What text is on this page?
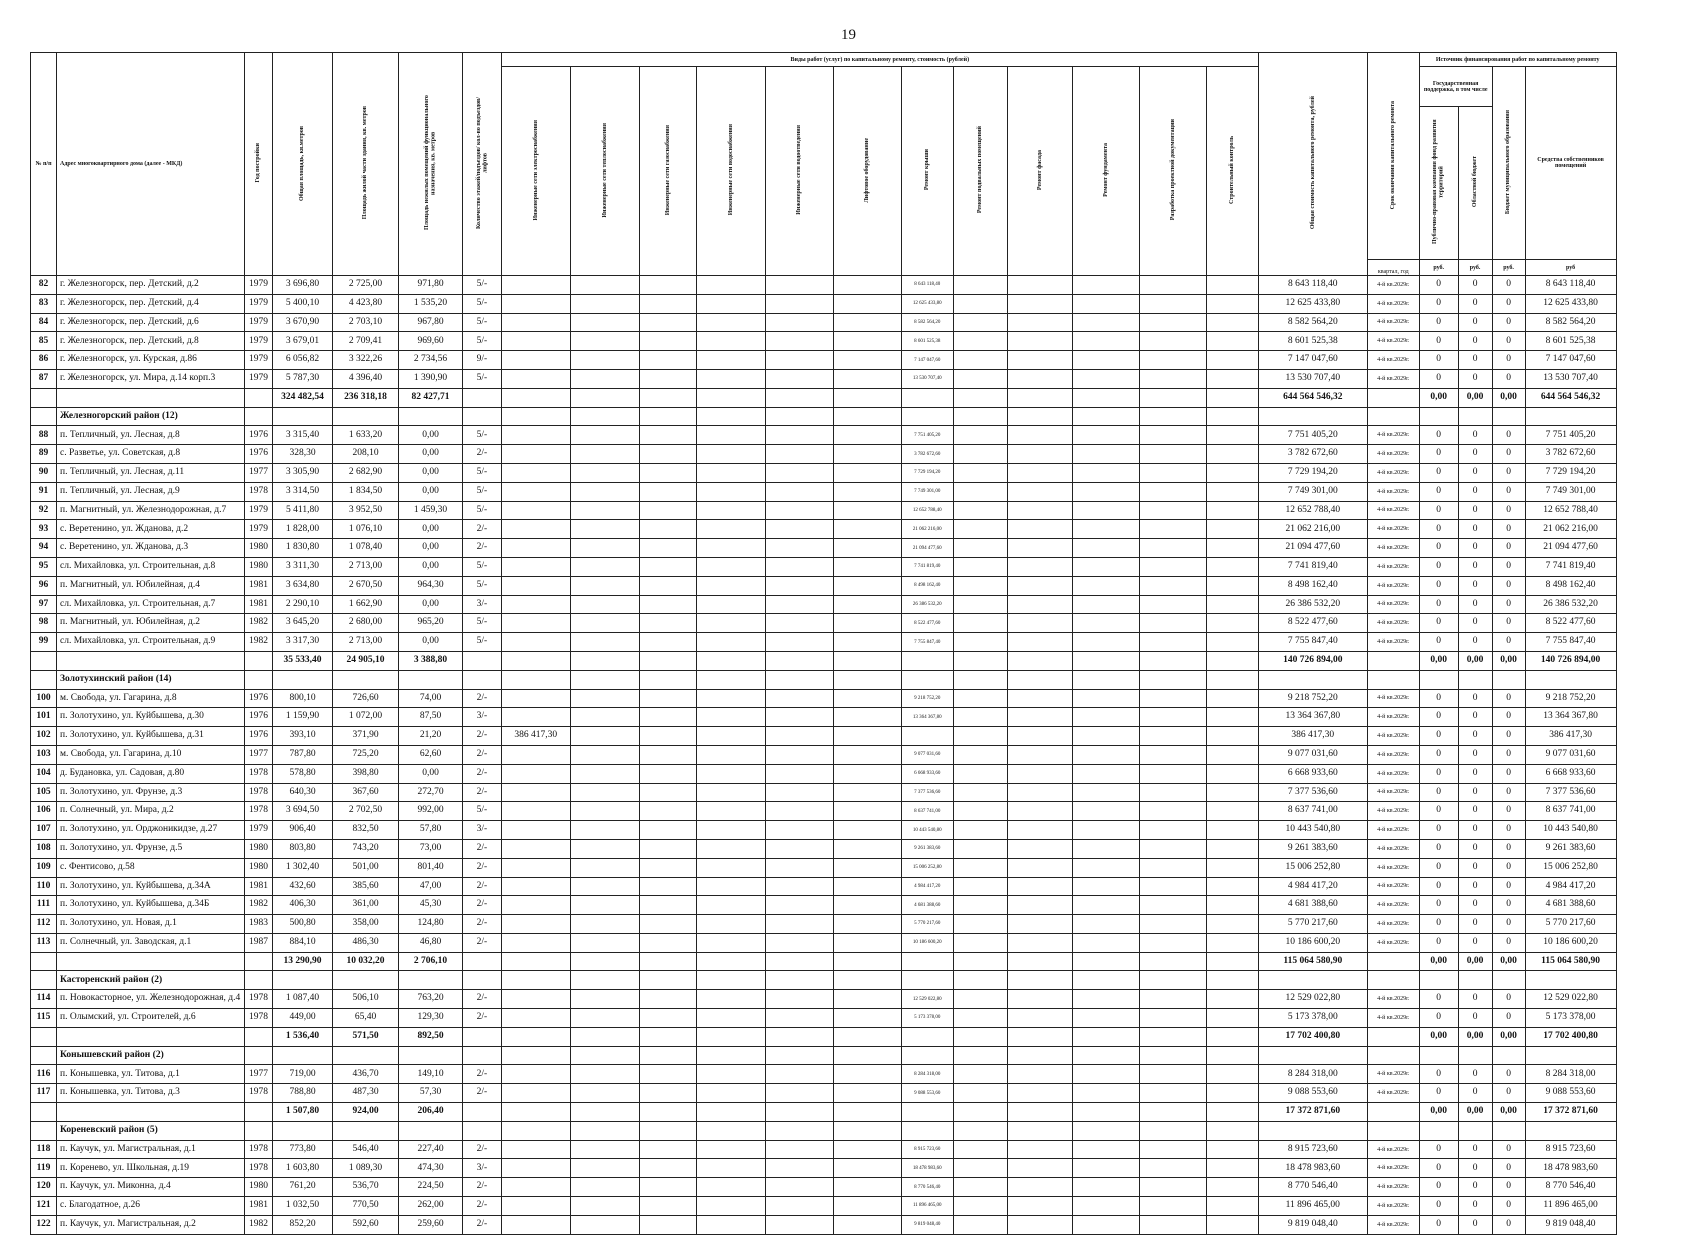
19
№ п/п	Адрес многоквартирного дома (далее - МКД)	Год постройки	Общая площадь, кв.метров	Площадь жилой части здания, кв. метров	Площадь нежилых помещений функционального назначения, кв. метров	Количество этажей/подъездов/ кол-во подъездов/лифтов	Виды работ (услуг) по капитальному ремонту, стоимость (рублей)												Общая стоимость капитального ремонта, рублей	Срок окончания капитального ремонта	Источник финансирования работ по капитальному ремонту			
							Инженерные сети электроснабжения	Инженерные сети теплоснабжения	Инженерные сети газоснабжения	Инженерные сети водоснабжения	Инженерные сети водоотведения	Лифтовое оборудование	Ремонт крыши	Ремонт подвальных помещений	Ремонт фасада	Ремонт фундамента	Разработка проектной документации	Строительный контроль			Государственная поддержка, в том числе		Бюджет муниципального образования	Средства собственников помещений
																					Публично-правовая компания фонд развития территорий	Областной бюджет		
																				квартал, год	руб.	руб.	руб.	руб
82	г. Железногорск, пер. Детский, д.2	1979	3 696,80	2 725,00	971,80	5/-							8 643 118,40						8 643 118,40	4-й кв.2029г.	0	0	0	8 643 118,40
83	г. Железногорск, пер. Детский, д.4	1979	5 400,10	4 423,80	1 535,20	5/-							12 625 433,80						12 625 433,80	4-й кв.2029г.	0	0	0	12 625 433,80
84	г. Железногорск, пер. Детский, д.6	1979	3 670,90	2 703,10	967,80	5/-							8 582 564,20						8 582 564,20	4-й кв.2029г.	0	0	0	8 582 564,20
85	г. Железногорск, пер. Детский, д.8	1979	3 679,01	2 709,41	969,60	5/-							8 601 525,38						8 601 525,38	4-й кв.2029г.	0	0	0	8 601 525,38
86	г. Железногорск, ул. Курская, д.86	1979	6 056,82	3 322,26	2 734,56	9/-							7 147 047,60						7 147 047,60	4-й кв.2029г.	0	0	0	7 147 047,60
87	г. Железногорск, ул. Мира, д.14 корп.3	1979	5 787,30	4 396,40	1 390,90	5/-							13 530 707,40						13 530 707,40	4-й кв.2029г.	0	0	0	13 530 707,40
			324 482,54	236 318,18	82 427,71														644 564 546,32		0,00	0,00	0,00	644 564 546,32
	Железногорский район (12)																							
88	п. Тепличный, ул. Лесная, д.8	1976	3 315,40	1 633,20	0,00	5/-							7 751 405,20						7 751 405,20	4-й кв.2029г.	0	0	0	7 751 405,20
89	с. Разветье, ул. Советская, д.8	1976	328,30	208,10	0,00	2/-							3 782 672,60						3 782 672,60	4-й кв.2029г.	0	0	0	3 782 672,60
90	п. Тепличный, ул. Лесная, д.11	1977	3 305,90	2 682,90	0,00	5/-							7 729 194,20						7 729 194,20	4-й кв.2029г.	0	0	0	7 729 194,20
91	п. Тепличный, ул. Лесная, д.9	1978	3 314,50	1 834,50	0,00	5/-							7 749 301,00						7 749 301,00	4-й кв.2029г.	0	0	0	7 749 301,00
92	п. Магнитный, ул. Железнодорожная, д.7	1979	5 411,80	3 952,50	1 459,30	5/-							12 652 788,40						12 652 788,40	4-й кв.2029г.	0	0	0	12 652 788,40
93	с. Веретенино, ул. Жданова, д.2	1979	1 828,00	1 076,10	0,00	2/-							21 062 216,00						21 062 216,00	4-й кв.2029г.	0	0	0	21 062 216,00
94	с. Веретенино, ул. Жданова, д.3	1980	1 830,80	1 078,40	0,00	2/-							21 094 477,60						21 094 477,60	4-й кв.2029г.	0	0	0	21 094 477,60
95	сл. Михайловка, ул. Строительная, д.8	1980	3 311,30	2 713,00	0,00	5/-							7 741 819,40						7 741 819,40	4-й кв.2029г.	0	0	0	7 741 819,40
96	п. Магнитный, ул. Юбилейная, д.4	1981	3 634,80	2 670,50	964,30	5/-							8 498 162,40						8 498 162,40	4-й кв.2029г.	0	0	0	8 498 162,40
97	сл. Михайловка, ул. Строительная, д.7	1981	2 290,10	1 662,90	0,00	3/-							26 386 532,20						26 386 532,20	4-й кв.2029г.	0	0	0	26 386 532,20
98	п. Магнитный, ул. Юбилейная, д.2	1982	3 645,20	2 680,00	965,20	5/-							8 522 477,60						8 522 477,60	4-й кв.2029г.	0	0	0	8 522 477,60
99	сл. Михайловка, ул. Строительная, д.9	1982	3 317,30	2 713,00	0,00	5/-							7 755 847,40						7 755 847,40	4-й кв.2029г.	0	0	0	7 755 847,40
			35 533,40	24 905,10	3 388,80														140 726 894,00		0,00	0,00	0,00	140 726 894,00
	Золотухинский район (14)																							
100	м. Свобода, ул. Гагарина, д.8	1976	800,10	726,60	74,00	2/-							9 218 752,20						9 218 752,20	4-й кв.2029г.	0	0	0	9 218 752,20
101	п. Золотухино, ул. Куйбышева, д.30	1976	1 159,90	1 072,00	87,50	3/-							13 364 367,80						13 364 367,80	4-й кв.2029г.	0	0	0	13 364 367,80
102	п. Золотухино, ул. Куйбышева, д.31	1976	393,10	371,90	21,20	2/-	386 417,30												386 417,30	4-й кв.2029г.	0	0	0	386 417,30
103	м. Свобода, ул. Гагарина, д.10	1977	787,80	725,20	62,60	2/-							9 077 031,60						9 077 031,60	4-й кв.2029г.	0	0	0	9 077 031,60
104	д. Будановка, ул. Садовая, д.80	1978	578,80	398,80	0,00	2/-							6 668 933,60						6 668 933,60	4-й кв.2029г.	0	0	0	6 668 933,60
105	п. Золотухино, ул. Фрунзе, д.3	1978	640,30	367,60	272,70	2/-							7 377 536,60						7 377 536,60	4-й кв.2029г.	0	0	0	7 377 536,60
106	п. Солнечный, ул. Мира, д.2	1978	3 694,50	2 702,50	992,00	5/-							8 637 741,00						8 637 741,00	4-й кв.2029г.	0	0	0	8 637 741,00
107	п. Золотухино, ул. Орджоникидзе, д.27	1979	906,40	832,50	57,80	3/-							10 443 540,80						10 443 540,80	4-й кв.2029г.	0	0	0	10 443 540,80
108	п. Золотухино, ул. Фрунзе, д.5	1980	803,80	743,20	73,00	2/-							9 261 383,60						9 261 383,60	4-й кв.2029г.	0	0	0	9 261 383,60
109	с. Фентисово, д.58	1980	1 302,40	501,00	801,40	2/-							15 006 252,80						15 006 252,80	4-й кв.2029г.	0	0	0	15 006 252,80
110	п. Золотухино, ул. Куйбышева, д.34А	1981	432,60	385,60	47,00	2/-							4 984 417,20						4 984 417,20	4-й кв.2029г.	0	0	0	4 984 417,20
111	п. Золотухино, ул. Куйбышева, д.34Б	1982	406,30	361,00	45,30	2/-							4 681 388,60						4 681 388,60	4-й кв.2029г.	0	0	0	4 681 388,60
112	п. Золотухино, ул. Новая, д.1	1983	500,80	358,00	124,80	2/-							5 770 217,60						5 770 217,60	4-й кв.2029г.	0	0	0	5 770 217,60
113	п. Солнечный, ул. Заводская, д.1	1987	884,10	486,30	46,80	2/-							10 186 600,20						10 186 600,20	4-й кв.2029г.	0	0	0	10 186 600,20
			13 290,90	10 032,20	2 706,10														115 064 580,90		0,00	0,00	0,00	115 064 580,90
	Касторенский район (2)																							
114	п. Новокасторное, ул. Железнодорожная, д.4	1978	1 087,40	506,10	763,20	2/-							12 529 022,80						12 529 022,80	4-й кв.2029г.	0	0	0	12 529 022,80
115	п. Олымский, ул. Строителей, д.6	1978	449,00	65,40	129,30	2/-							5 173 378,00						5 173 378,00	4-й кв.2029г.	0	0	0	5 173 378,00
			1 536,40	571,50	892,50														17 702 400,80		0,00	0,00	0,00	17 702 400,80
	Конышевский район (2)																							
116	п. Конышевка, ул. Титова, д.1	1977	719,00	436,70	149,10	2/-							8 284 318,00						8 284 318,00	4-й кв.2029г.	0	0	0	8 284 318,00
117	п. Конышевка, ул. Титова, д.3	1978	788,80	487,30	57,30	2/-							9 088 553,60						9 088 553,60	4-й кв.2029г.	0	0	0	9 088 553,60
			1 507,80	924,00	206,40														17 372 871,60		0,00	0,00	0,00	17 372 871,60
	Кореневский район (5)																							
118	п. Каучук, ул. Магистральная, д.1	1978	773,80	546,40	227,40	2/-							8 915 723,60						8 915 723,60	4-й кв.2029г.	0	0	0	8 915 723,60
119	п. Коренево, ул. Школьная, д.19	1978	1 603,80	1 089,30	474,30	3/-							18 478 983,60						18 478 983,60	4-й кв.2029г.	0	0	0	18 478 983,60
120	п. Каучук, ул. Миконна, д.4	1980	761,20	536,70	224,50	2/-							8 770 546,40						8 770 546,40	4-й кв.2029г.	0	0	0	8 770 546,40
121	с. Благодатное, д.26	1981	1 032,50	770,50	262,00	2/-							11 896 465,00						11 896 465,00	4-й кв.2029г.	0	0	0	11 896 465,00
122	п. Каучук, ул. Магистральная, д.2	1982	852,20	592,60	259,60	2/-							9 819 048,40						9 819 048,40	4-й кв.2029г.	0	0	0	9 819 048,40
